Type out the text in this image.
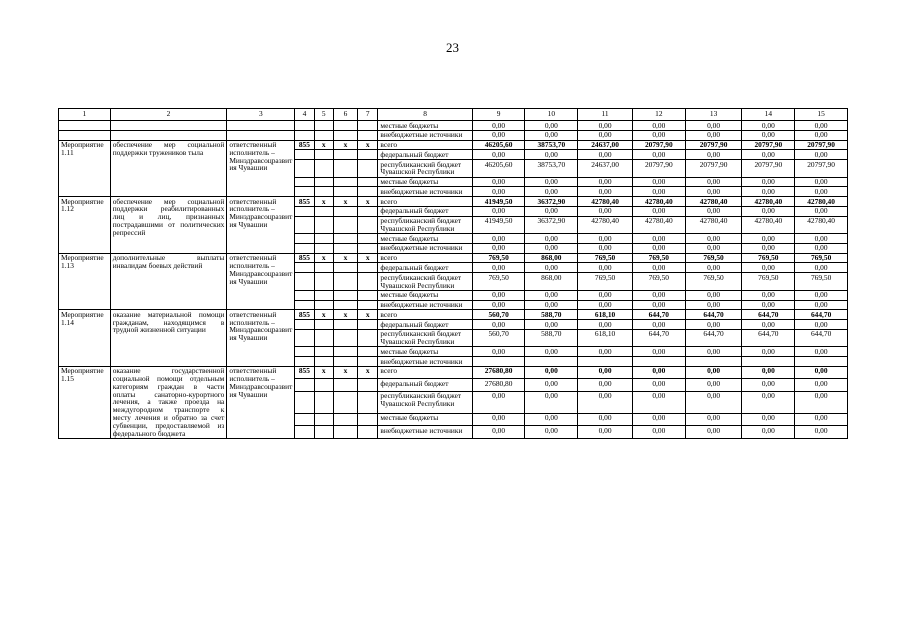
23
1	2	3	4	5	6	7	8	9	10	11	12	13	14	15
							местные бюджеты	0,00	0,00	0,00	0,00	0,00	0,00	0,00
							внебюджетные источники	0,00	0,00	0,00	0,00	0,00	0,00	0,00
Мероприятие 1.11	обеспечение мер социальной поддержки тружеников тыла	ответственный исполнитель – Минздравсоцразвития Чувашии	855	x	x	x	всего	46205,60	38753,70	24637,00	20797,90	20797,90	20797,90	20797,90
							федеральный бюджет	0,00	0,00	0,00	0,00	0,00	0,00	0,00
							республиканский бюджет Чувашской Республики	46205,60	38753,70	24637,00	20797,90	20797,90	20797,90	20797,90
							местные бюджеты	0,00	0,00	0,00	0,00	0,00	0,00	0,00
							внебюджетные источники	0,00	0,00	0,00	0,00	0,00	0,00	0,00
Мероприятие 1.12	обеспечение мер социальной поддержки реабилитированных лиц и лиц, признанных пострадавшими от политических репрессий	ответственный исполнитель – Минздравсоцразвития Чувашии	855	x	x	x	всего	41949,50	36372,90	42780,40	42780,40	42780,40	42780,40	42780,40
							федеральный бюджет	0,00	0,00	0,00	0,00	0,00	0,00	0,00
							республиканский бюджет Чувашской Республики	41949,50	36372,90	42780,40	42780,40	42780,40	42780,40	42780,40
							местные бюджеты	0,00	0,00	0,00	0,00	0,00	0,00	0,00
							внебюджетные источники	0,00	0,00	0,00	0,00	0,00	0,00	0,00
Мероприятие 1.13	дополнительные выплаты инвалидам боевых действий	ответственный исполнитель – Минздравсоцразвития Чувашии	855	x	x	x	всего	769,50	868,00	769,50	769,50	769,50	769,50	769,50
							федеральный бюджет	0,00	0,00	0,00	0,00	0,00	0,00	0,00
							республиканский бюджет Чувашской Республики	769,50	868,00	769,50	769,50	769,50	769,50	769,50
							местные бюджеты	0,00	0,00	0,00	0,00	0,00	0,00	0,00
							внебюджетные источники	0,00	0,00	0,00	0,00	0,00	0,00	0,00
Мероприятие 1.14	оказание материальной помощи гражданам, находящимся в трудной жизненной ситуации	ответственный исполнитель – Минздравсоцразвития Чувашии	855	x	x	x	всего	560,70	588,70	618,10	644,70	644,70	644,70	644,70
							федеральный бюджет	0,00	0,00	0,00	0,00	0,00	0,00	0,00
							республиканский бюджет Чувашской Республики	560,70	588,70	618,10	644,70	644,70	644,70	644,70
							местные бюджеты	0,00	0,00	0,00	0,00	0,00	0,00	0,00
							внебюджетные источники							
Мероприятие 1.15	оказание государственной социальной помощи отдельным категориям граждан в части оплаты санаторно-курортного лечения, а также проезда на междугородном транспорте к месту лечения и обратно за счет субвенции, предоставляемой из федерального бюджета	ответственный исполнитель – Минздравсоцразвития Чувашии	855	x	x	x	всего	27680,80	0,00	0,00	0,00	0,00	0,00	0,00
							федеральный бюджет	27680,80	0,00	0,00	0,00	0,00	0,00	0,00
							республиканский бюджет Чувашской Республики	0,00	0,00	0,00	0,00	0,00	0,00	0,00
							местные бюджеты	0,00	0,00	0,00	0,00	0,00	0,00	0,00
							внебюджетные источники	0,00	0,00	0,00	0,00	0,00	0,00	0,00
